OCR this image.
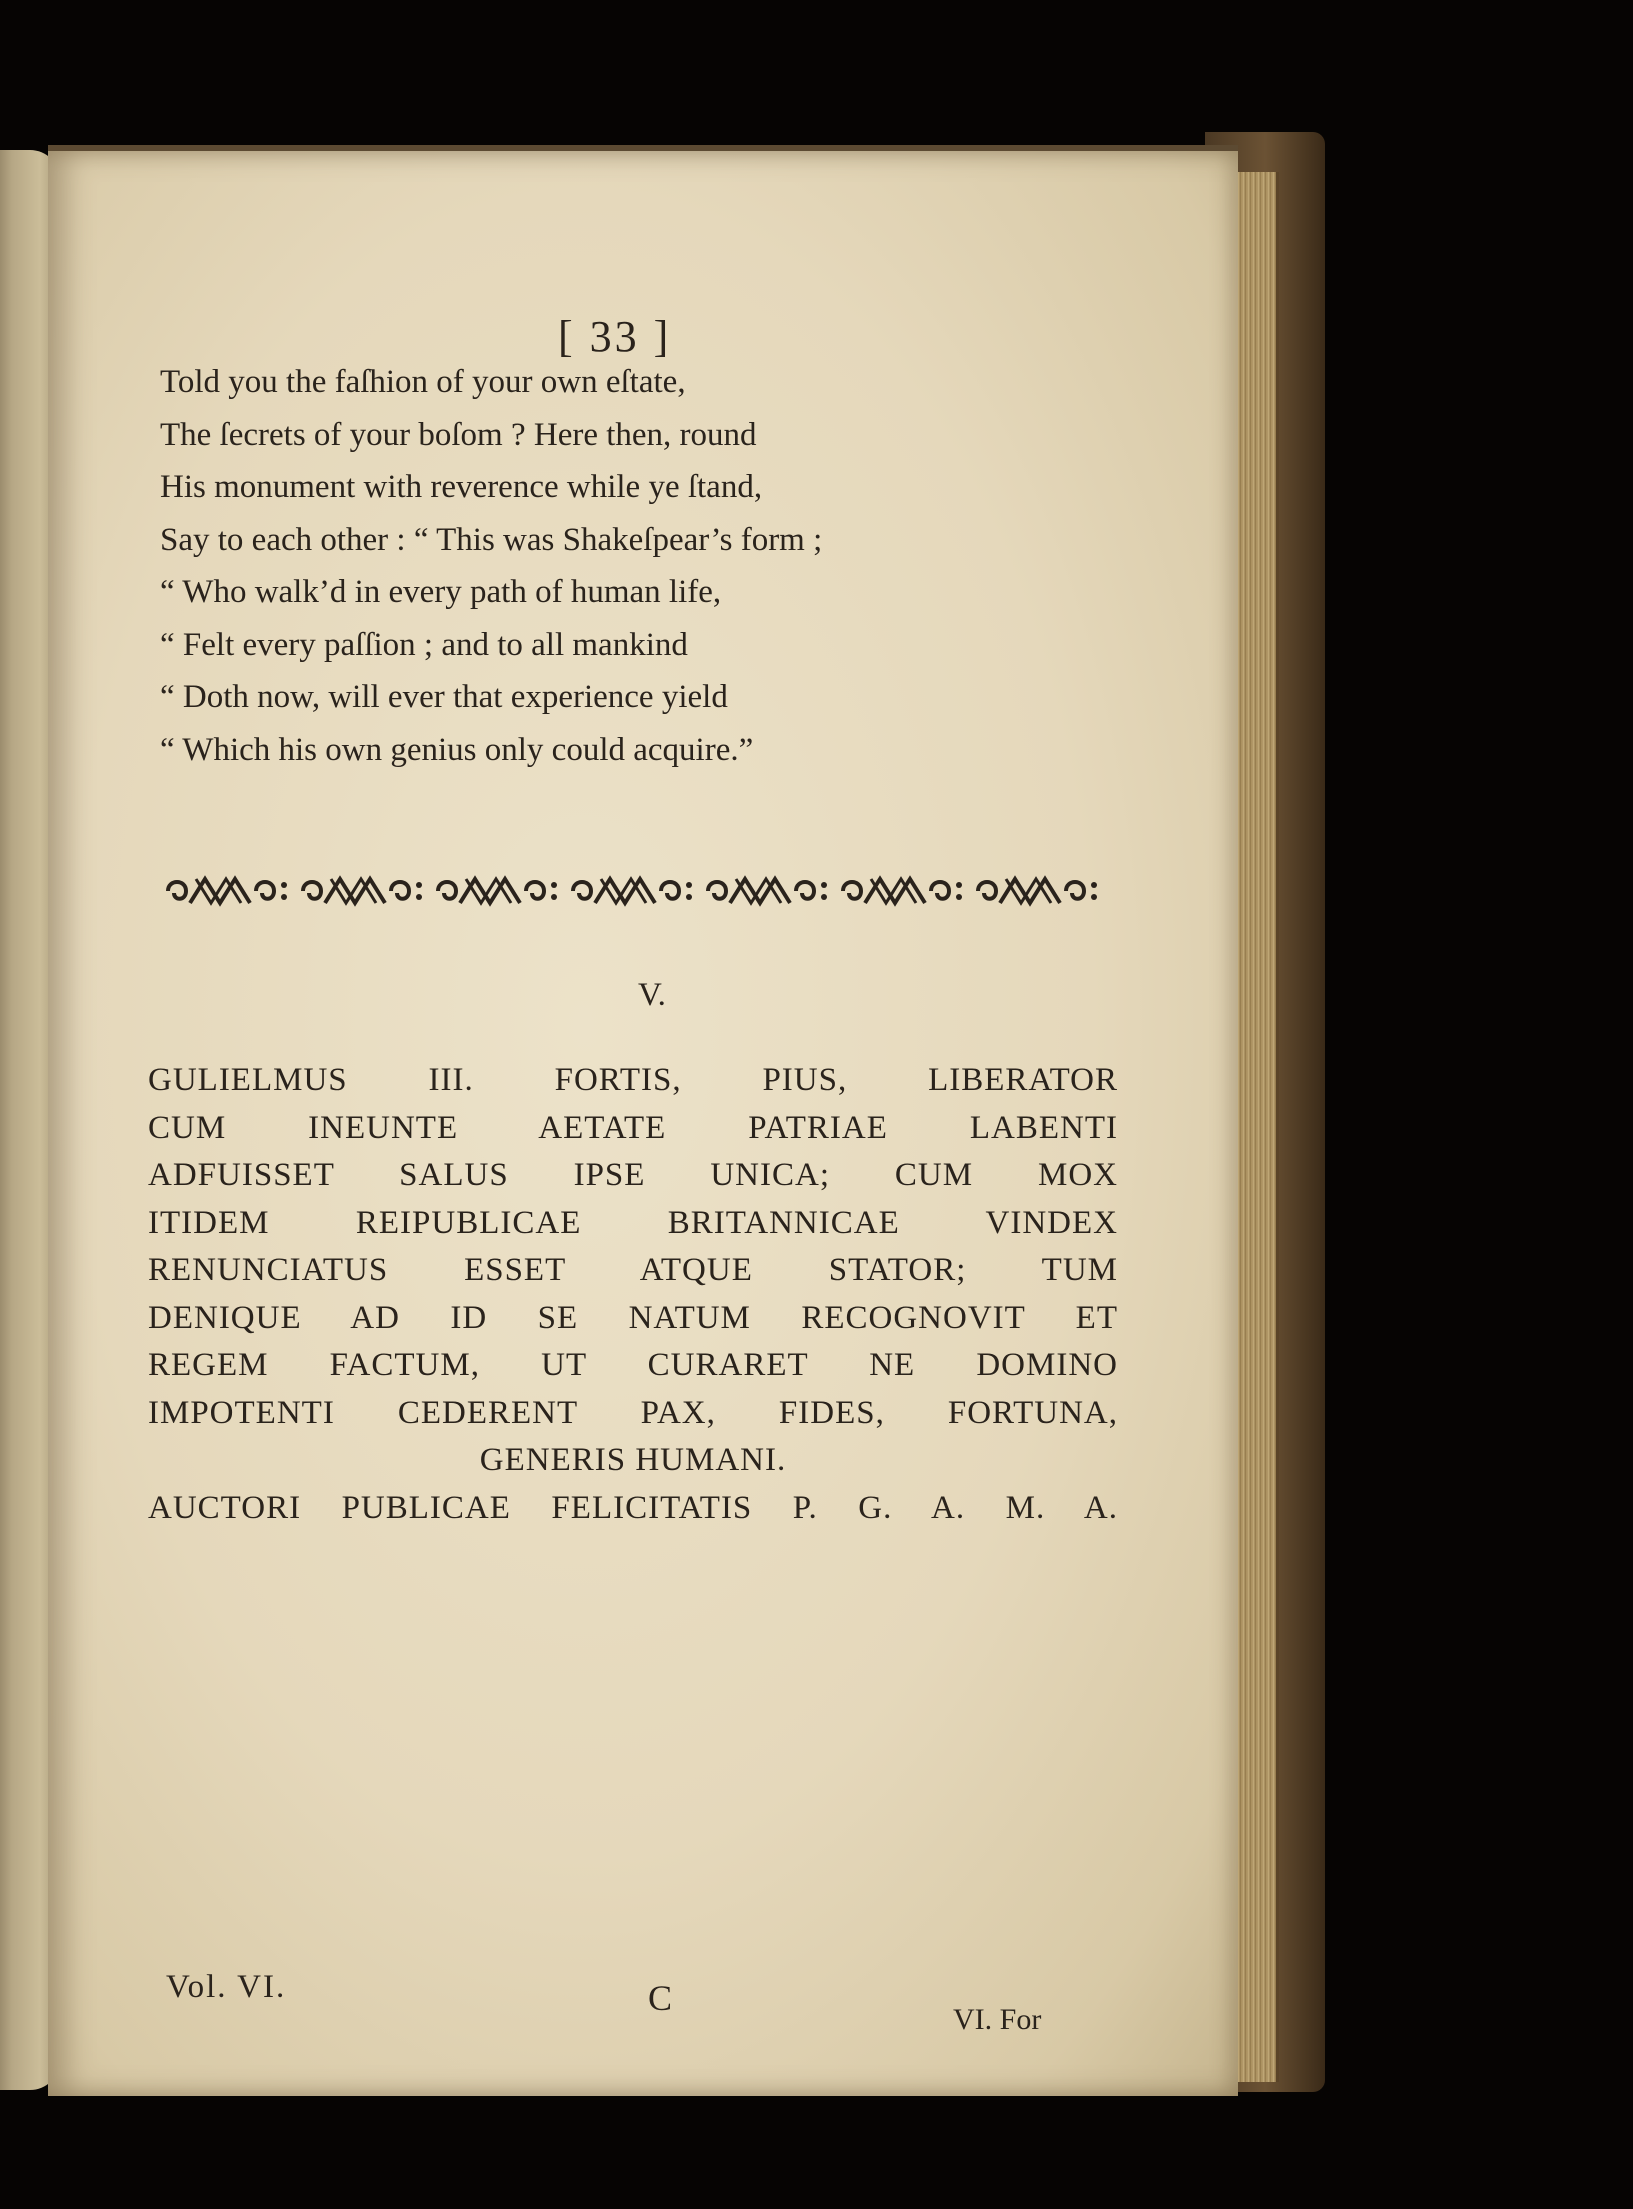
[ 33 ]
Told you the faſhion of your own eſtate,
The ſecrets of your boſom ? Here then, round
His monument with reverence while ye ſtand,
Say to each other : “ This was Shakeſpear’s form ;
“ Who walk’d in every path of human life,
“ Felt every paſſion ; and to all mankind
“ Doth now, will ever that experience yield
“ Which his own genius only could acquire.”
V.
GULIELMUS III. FORTIS, PIUS, LIBERATOR
CUM INEUNTE AETATE PATRIAE LABENTI
ADFUISSET SALUS IPSE UNICA; CUM MOX
ITIDEM REIPUBLICAE BRITANNICAE VINDEX
RENUNCIATUS ESSET ATQUE STATOR; TUM
DENIQUE AD ID SE NATUM RECOGNOVIT ET
REGEM FACTUM, UT CURARET NE DOMINO
IMPOTENTI CEDERENT PAX, FIDES, FORTUNA,
GENERIS HUMANI.
AUCTORI PUBLICAE FELICITATIS P. G. A. M. A.
Vol. VI.	C
VI. For
